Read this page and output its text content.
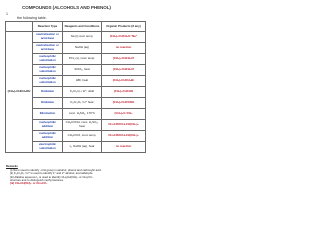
COMPOUNDS (ALCOHOLS AND PHENOL)
1
the following table.
	Reaction Type	Reagents and Conditions	Organic Products (if any)
(CH₃)₂CHCH₂OH	neutralisation or acid-base	Na (l) room temp.	(CH₃)₂CHCH₂O⁻Na⁺
	neutralisation or acid-base	NaOH (aq)	no reaction
	nucleophilic substitution	PCl₅ (s), room temp.	(CH₃)₂CHCH₂Cl
	nucleophilic substitution	SOCl₂, heat	(CH₃)₂CHCH₂Cl
	nucleophilic substitution	HBr, heat	(CH₃)₂CHCH₂Br
	Oxidation	K₂Cr₂O₇ / H⁺, distil	(CH₃)₂CHCHO
	Oxidation	K₂Cr₂O₇ / H⁺ heat	(CH₃)₂CHCOOH
	Elimination	conc. H₂SO₄, 170°C	(CH₃)₂C=CH₂
	nucleophilic addition	CH₃COOH, conc. H₂SO₄, heat	CH₃COOCH₂CH(CH₃)₂
	nucleophilic addition	CH₃COCl, room temp.	CH₃COOCH₂CH(CH₃)₂
	electrophilic substitution	I₂, NaOH (aq), heat	no reaction
Remarks
(i) Na is used to identify –OH group in alcohol, phenol and carboxylic acid.
(ii) K₂Cr₂O₇ / H⁺ is used to identify 1° and 2° alcohol, and aldehyde.
(iii) Alkaline aqueous I₂ is used to identify CH₃CH(OH)– or CH₃CO–
structure and to distinguish methyl ketones.
(iii) CH₃CH(OH)– or CH₃CO–
